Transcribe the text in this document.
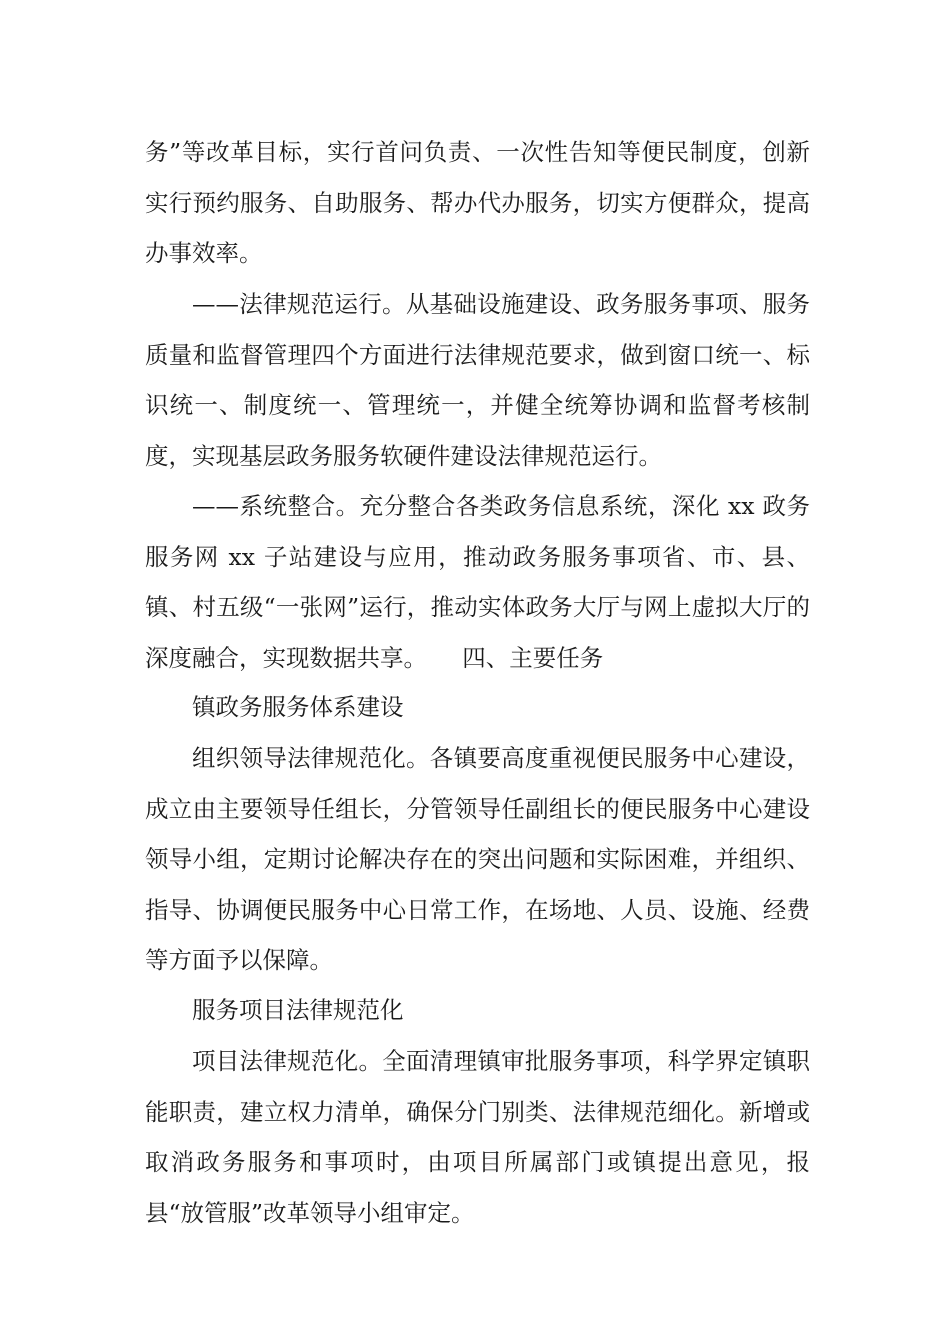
务”等改革目标，实行首问负责、一次性告知等便民制度，创新实行预约服务、自助服务、帮办代办服务，切实方便群众，提高办事效率。

——法律规范运行。从基础设施建设、政务服务事项、服务质量和监督管理四个方面进行法律规范要求，做到窗口统一、标识统一、制度统一、管理统一，并健全统筹协调和监督考核制度，实现基层政务服务软硬件建设法律规范运行。

——系统整合。充分整合各类政务信息系统，深化 xx 政务服务网 xx 子站建设与应用，推动政务服务事项省、市、县、镇、村五级“一张网”运行，推动实体政务大厅与网上虚拟大厅的深度融合，实现数据共享。　　四、主要任务

镇政务服务体系建设

组织领导法律规范化。各镇要高度重视便民服务中心建设，成立由主要领导任组长，分管领导任副组长的便民服务中心建设领导小组，定期讨论解决存在的突出问题和实际困难，并组织、指导、协调便民服务中心日常工作，在场地、人员、设施、经费等方面予以保障。

服务项目法律规范化

项目法律规范化。全面清理镇审批服务事项，科学界定镇职能职责，建立权力清单，确保分门别类、法律规范细化。新增或取消政务服务和事项时，由项目所属部门或镇提出意见，报县“放管服”改革领导小组审定。
